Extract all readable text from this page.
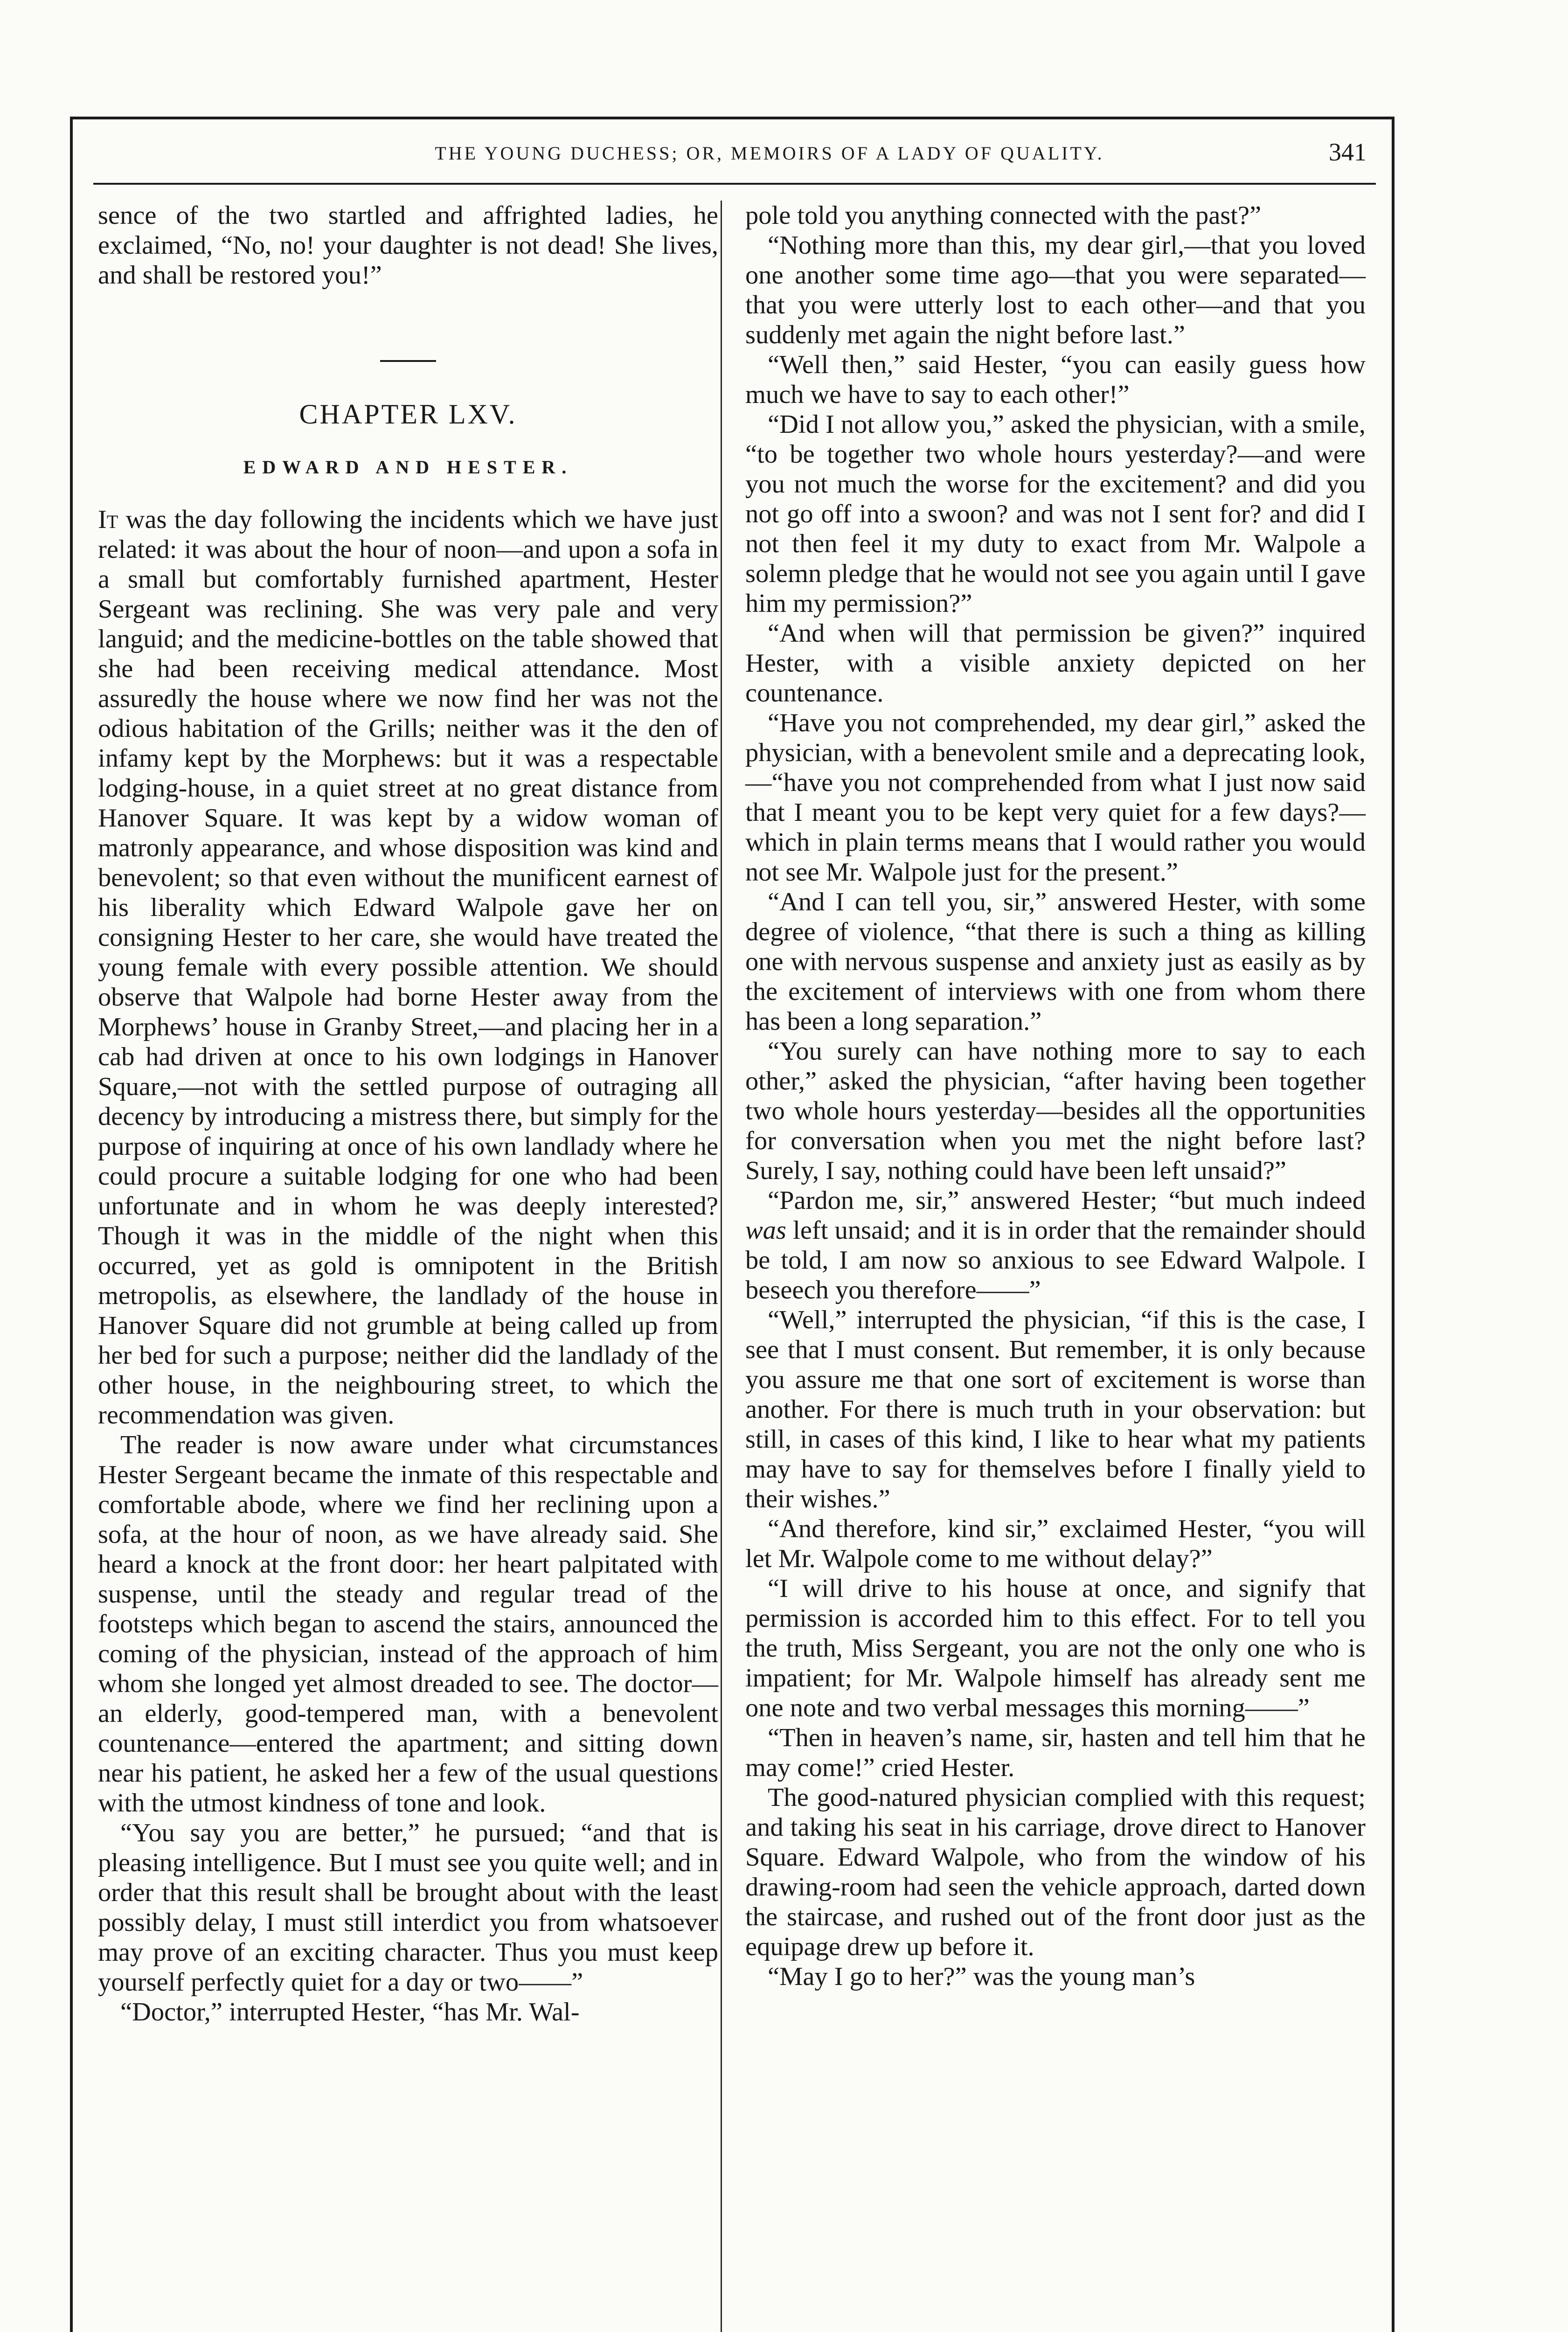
THE YOUNG DUCHESS; OR, MEMOIRS OF A LADY OF QUALITY.	341

sence of the two startled and affrighted ladies, he exclaimed, “No, no! your daughter is not dead! She lives, and shall be restored you!”

CHAPTER LXV.
EDWARD AND HESTER.

It was the day following the incidents which we have just related: it was about the hour of noon—and upon a sofa in a small but comfortably furnished apartment, Hester Sergeant was reclining. She was very pale and very languid; and the medicine-bottles on the table showed that she had been receiving medical attendance. Most assuredly the house where we now find her was not the odious habitation of the Grills; neither was it the den of infamy kept by the Morphews: but it was a respectable lodging-house, in a quiet street at no great distance from Hanover Square. It was kept by a widow woman of matronly appearance, and whose disposition was kind and benevolent; so that even without the munificent earnest of his liberality which Edward Walpole gave her on consigning Hester to her care, she would have treated the young female with every possible attention. We should observe that Walpole had borne Hester away from the Morphews’ house in Granby Street,—and placing her in a cab had driven at once to his own lodgings in Hanover Square,—not with the settled purpose of outraging all decency by introducing a mistress there, but simply for the purpose of inquiring at once of his own landlady where he could procure a suitable lodging for one who had been unfortunate and in whom he was deeply interested? Though it was in the middle of the night when this occurred, yet as gold is omnipotent in the British metropolis, as elsewhere, the landlady of the house in Hanover Square did not grumble at being called up from her bed for such a purpose; neither did the landlady of the other house, in the neighbouring street, to which the recommendation was given.

The reader is now aware under what circumstances Hester Sergeant became the inmate of this respectable and comfortable abode, where we find her reclining upon a sofa, at the hour of noon, as we have already said. She heard a knock at the front door: her heart palpitated with suspense, until the steady and regular tread of the footsteps which began to ascend the stairs, announced the coming of the physician, instead of the approach of him whom she longed yet almost dreaded to see. The doctor—an elderly, good-tempered man, with a benevolent countenance—entered the apartment; and sitting down near his patient, he asked her a few of the usual questions with the utmost kindness of tone and look.

“You say you are better,” he pursued; “and that is pleasing intelligence. But I must see you quite well; and in order that this result shall be brought about with the least possibly delay, I must still interdict you from whatsoever may prove of an exciting character. Thus you must keep yourself perfectly quiet for a day or two——”

“Doctor,” interrupted Hester, “has Mr. Wal-

pole told you anything connected with the past?”

“Nothing more than this, my dear girl,—that you loved one another some time ago—that you were separated—that you were utterly lost to each other—and that you suddenly met again the night before last.”

“Well then,” said Hester, “you can easily guess how much we have to say to each other!”

“Did I not allow you,” asked the physician, with a smile, “to be together two whole hours yesterday?—and were you not much the worse for the excitement? and did you not go off into a swoon? and was not I sent for? and did I not then feel it my duty to exact from Mr. Walpole a solemn pledge that he would not see you again until I gave him my permission?”

“And when will that permission be given?” inquired Hester, with a visible anxiety depicted on her countenance.

“Have you not comprehended, my dear girl,” asked the physician, with a benevolent smile and a deprecating look,—“have you not comprehended from what I just now said that I meant you to be kept very quiet for a few days?—which in plain terms means that I would rather you would not see Mr. Walpole just for the present.”

“And I can tell you, sir,” answered Hester, with some degree of violence, “that there is such a thing as killing one with nervous suspense and anxiety just as easily as by the excitement of interviews with one from whom there has been a long separation.”

“You surely can have nothing more to say to each other,” asked the physician, “after having been together two whole hours yesterday—besides all the opportunities for conversation when you met the night before last? Surely, I say, nothing could have been left unsaid?”

“Pardon me, sir,” answered Hester; “but much indeed was left unsaid; and it is in order that the remainder should be told, I am now so anxious to see Edward Walpole. I beseech you therefore——”

“Well,” interrupted the physician, “if this is the case, I see that I must consent. But remember, it is only because you assure me that one sort of excitement is worse than another. For there is much truth in your observation: but still, in cases of this kind, I like to hear what my patients may have to say for themselves before I finally yield to their wishes.”

“And therefore, kind sir,” exclaimed Hester, “you will let Mr. Walpole come to me without delay?”

“I will drive to his house at once, and signify that permission is accorded him to this effect. For to tell you the truth, Miss Sergeant, you are not the only one who is impatient; for Mr. Walpole himself has already sent me one note and two verbal messages this morning——”

“Then in heaven’s name, sir, hasten and tell him that he may come!” cried Hester.

The good-natured physician complied with this request; and taking his seat in his carriage, drove direct to Hanover Square. Edward Walpole, who from the window of his drawing-room had seen the vehicle approach, darted down the staircase, and rushed out of the front door just as the equipage drew up before it.

“May I go to her?” was the young man’s
